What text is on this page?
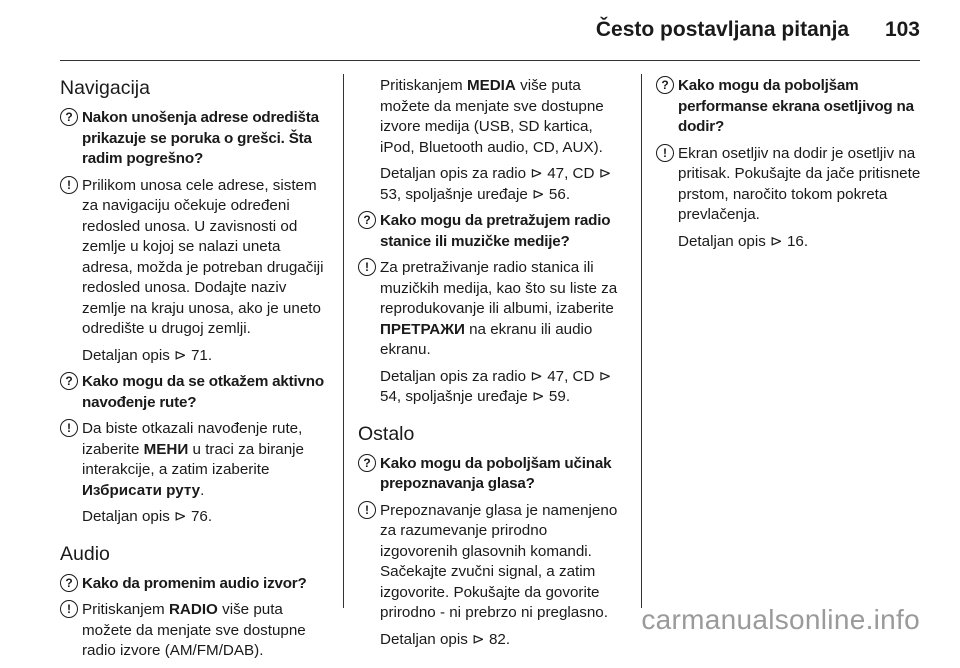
Često postavljana pitanja 103
Navigacija
? Nakon unošenja adrese odredišta prikazuje se poruka o grešci. Šta radim pogrešno?
! Prilikom unosa cele adrese, sistem za navigaciju očekuje određeni redosled unosa. U zavisnosti od zemlje u kojoj se nalazi uneta adresa, možda je potreban drugačiji redosled unosa. Dodajte naziv zemlje na kraju unosa, ako je uneto odredište u drugoj zemlji.
Detaljan opis ⊳ 71.
? Kako mogu da se otkažem aktivno navođenje rute?
! Da biste otkazali navođenje rute, izaberite МЕНИ u traci za biranje interakcije, a zatim izaberite Избрисати руту.
Detaljan opis ⊳ 76.
Audio
? Kako da promenim audio izvor?
! Pritiskanjem RADIO više puta možete da menjate sve dostupne radio izvore (AM/FM/DAB).
Pritiskanjem MEDIA više puta možete da menjate sve dostupne izvore medija (USB, SD kartica, iPod, Bluetooth audio, CD, AUX).
Detaljan opis za radio ⊳ 47, CD ⊳ 53, spoljašnje uređaje ⊳ 56.
? Kako mogu da pretražujem radio stanice ili muzičke medije?
! Za pretraživanje radio stanica ili muzičkih medija, kao što su liste za reprodukovanje ili albumi, izaberite ПРЕТРАЖИ na ekranu ili audio ekranu.
Detaljan opis za radio ⊳ 47, CD ⊳ 54, spoljašnje uređaje ⊳ 59.
Ostalo
? Kako mogu da poboljšam učinak prepoznavanja glasa?
! Prepoznavanje glasa je namenjeno za razumevanje prirodno izgovorenih glasovnih komandi. Sačekajte zvučni signal, a zatim izgovorite. Pokušajte da govorite prirodno - ni prebrzo ni preglasno.
Detaljan opis ⊳ 82.
? Kako mogu da poboljšam performanse ekrana osetljivog na dodir?
! Ekran osetljiv na dodir je osetljiv na pritisak. Pokušajte da jače pritisnete prstom, naročito tokom pokreta prevlačenja.
Detaljan opis ⊳ 16.
carmanualsonline.info
